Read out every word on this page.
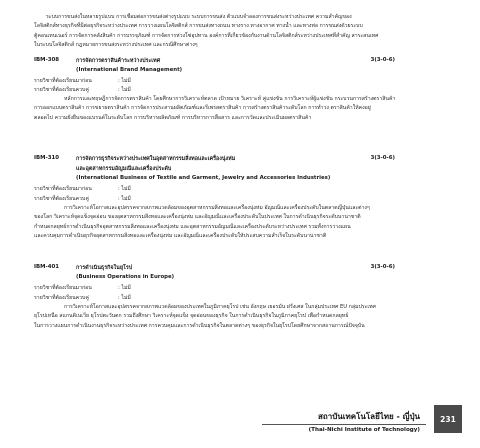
ระบบการขนส่งในหลายรูปแบบ การเชื่อมต่อการขนส่งต่างรูปแบบ ระบบการขนส่ง ตัวแบบจำลองการขนส่งระหว่างประเทศ ความสำคัญของ
โลจิสติกส์ทางธุรกิจที่มีต่อธุรกิจระหว่างประเทศ การวางแผนโลจิสติกส์ การขนส่งทางถนน ทางราง ทางอากาศ ทางน้ำ และทางท่อ การขนส่งด้วยระบบ
ตู้คอนเทนเนอร์ การจัดการคลังสินค้า การบรรจุภัณฑ์ การจัดการห่วงโซ่อุปทาน องค์การที่เกี่ยวข้องกับงานด้านโลจิสติกส์ระหว่างประเทศที่สำคัญ สาระสนเทศ
ในระบบโลจิสติกส์ กฎหมายการขนส่งระหว่างประเทศ และกรณีศึกษาต่างๆ
IBM-308	การจัดการตราสินค้าระหว่างประเทศ	3(3-0-6)
(International Brand Management)
รายวิชาที่ต้องเรียนมาก่อน	: ไม่มี
รายวิชาที่ต้องเรียนควบคู่	: ไม่มี
หลักการและทฤษฎีการจัดการตราสินค้า โดยศึกษาการวิเคราะห์ตลาด เป้าหมาย วิเคราะห์ คู่แข่งขัน การวิเคราะห์ผู้แข่งขัน กระบวนการสร้างตราสินค้า
การออกแบบตราสินค้า การขยายตราสินค้า การจัดการประสานผลิตภัณฑ์และรีเพรสตราสินค้า การสร้างตราสินค้าระดับโลก การทำวง ตราสินค้าให้คงอยู่
ตลอดไป ความยั่งยืนของแบรนด์ในระดับโลก การบริหารผลิตภัณฑ์ การบริหารการสื่อสาร และการวัดและประเมินผลตราสินค้า
IBM-310	การจัดการธุรกิจระหว่างประเทศในอุตสาหกรรมสิ่งทอและเครื่องนุ่งห่ม	3(3-0-6)
และอุตสาหกรรมอัญมณีและเครื่องประดับ
(International Business of Textile and Garment, Jewelry and Accessories Industries)
รายวิชาที่ต้องเรียนมาก่อน	: ไม่มี
รายวิชาที่ต้องเรียนควบคู่	: ไม่มี
การวิเคราะห์โอกาสและอุปสรรคจากสภาพแวดล้อมของอุตสาหกรรมสิ่งทอและเครื่องนุ่งห่ม อัญมณีและเครื่องประดับในตลาดญี่ปุ่นและต่างๆ
ของโลก วิเคราะห์จุดแข็งจุดอ่อน ของอุตสาหกรรมสิ่งทอและเครื่องนุ่งห่ม และอัญมณีและเครื่องประดับในประเทศ ในการดำเนินธุรกิจระดับนานาชาติ
กำหนดกลยุทธ์การดำเนินธุรกิจอุตสาหกรรมสิ่งทอและเครื่องนุ่งห่ม และอุตสาหกรรมอัญมณีและเครื่องประดับระหว่างประเทศ รวมทั้งการวางแผน
และควบคุมการดำเนินธุรกิจอุตสาหกรรมสิ่งทอและเครื่องนุ่งห่ม และอัญมณีและเครื่องประดับให้ประสบความสำเร็จในระดับนานาชาติ
IBM-401	การดำเนินธุรกิจในยุโรป	3(3-0-6)
(Business Operations in Europe)
รายวิชาที่ต้องเรียนมาก่อน	: ไม่มี
รายวิชาที่ต้องเรียนควบคู่	: ไม่มี
การวิเคราะห์โอกาสและอุปสรรคจากสภาพแวดล้อมของประเทศในภูมิภาคยุโรป เช่น อังกฤษ เยอรมัน ฝรั่งเศส ในกลุ่มประเทศ EU กลุ่มประเทศ
ยุโรปเหนือ สแกนดิเนเวีย ยุโรปตะวันตก รวมถึงศึกษา วิเคราะห์จุดแข็ง จุดอ่อนของธุรกิจ ในการดำเนินธุรกิจในภูมิภาคยุโรป เพื่อกำหนดกลยุทธ์
ในการวางแผนการดำเนินงานธุรกิจระหว่างประเทศ การควบคุมและการดำเนินธุรกิจในตลาดต่างๆ ของธุรกิจในยุโรปโดยศึกษาจากสถานการณ์ปัจจุบัน
สถาบันเทคโนโลยีไทย - ญี่ปุ่น
(Thai-Nichi Institute of Technology)
231
